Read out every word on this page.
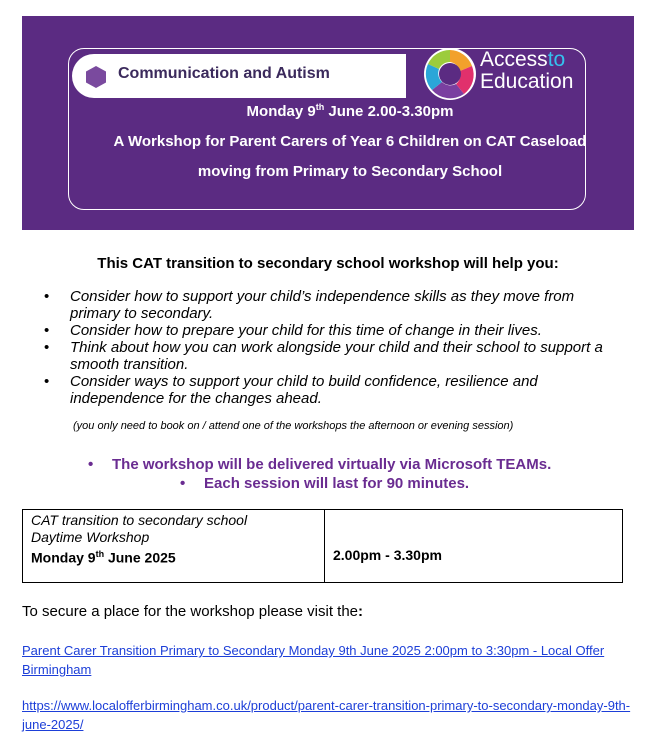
Communication and Autism
Accessto
Education
Monday 9th June 2.00-3.30pm
A Workshop for Parent Carers of Year 6 Children on CAT Caseload
moving from Primary to Secondary School
This CAT transition to secondary school workshop will help you:
• Consider how to support your child’s independence skills as they move from primary to secondary.
• Consider how to prepare your child for this time of change in their lives.
• Think about how you can work alongside your child and their school to support a smooth transition.
• Consider ways to support your child to build confidence, resilience and independence for the changes ahead.
(you only need to book on / attend one of the workshops the afternoon or evening session)
• The workshop will be delivered virtually via Microsoft TEAMs.
• Each session will last for 90 minutes.
CAT transition to secondary school
Daytime Workshop
Monday 9th June 2025	2.00pm - 3.30pm
To secure a place for the workshop please visit the:
Parent Carer Transition Primary to Secondary Monday 9th June 2025 2:00pm to 3:30pm - Local Offer Birmingham
https://www.localofferbirmingham.co.uk/product/parent-carer-transition-primary-to-secondary-monday-9th-june-2025/
